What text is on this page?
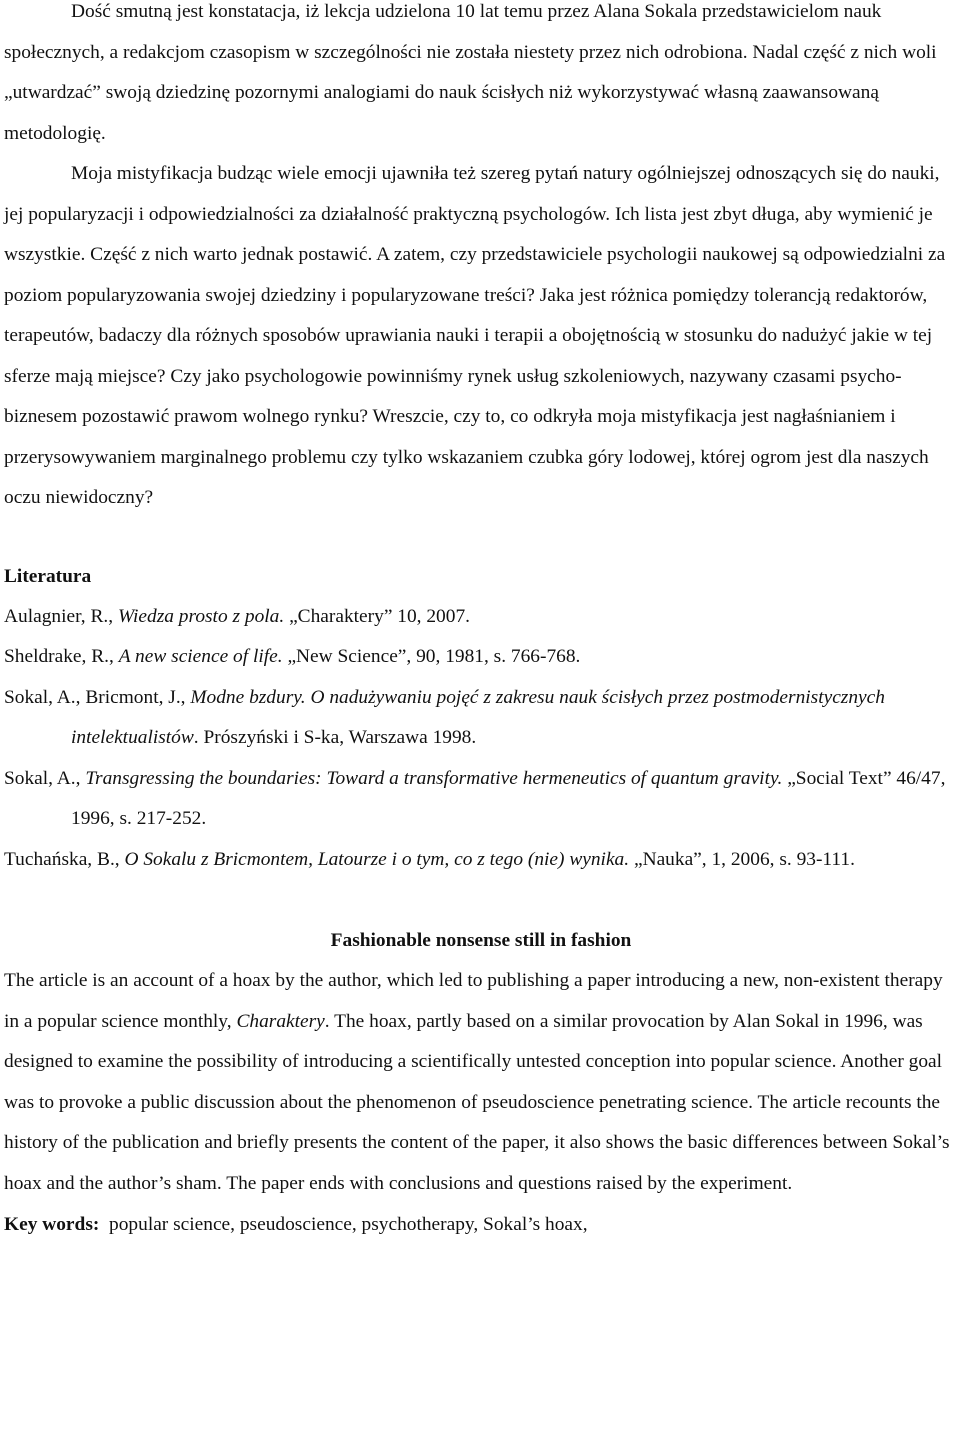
Dość smutną jest konstatacja, iż lekcja udzielona 10 lat temu przez Alana Sokala przedstawicielom nauk społecznych, a redakcjom czasopism w szczególności nie została niestety przez nich odrobiona. Nadal część z nich woli „utwardzać” swoją dziedzinę pozornymi analogiami do nauk ścisłych niż wykorzystywać własną zaawansowaną metodologię.

Moja mistyfikacja budząc wiele emocji ujawniła też szereg pytań natury ogólniejszej odnoszących się do nauki, jej popularyzacji i odpowiedzialności za działalność praktyczną psychologów. Ich lista jest zbyt długa, aby wymienić je wszystkie. Część z nich warto jednak postawić. A zatem, czy przedstawiciele psychologii naukowej są odpowiedzialni za poziom popularyzowania swojej dziedziny i popularyzowane treści? Jaka jest różnica pomiędzy tolerancją redaktorów, terapeutów, badaczy dla różnych sposobów uprawiania nauki i terapii a obojętnością w stosunku do nadużyć jakie w tej sferze mają miejsce? Czy jako psychologowie powinniśmy rynek usług szkoleniowych, nazywany czasami psycho-biznesem pozostawić prawom wolnego rynku? Wreszcie, czy to, co odkryła moja mistyfikacja jest nagłaśnianiem i przerysowywaniem marginalnego problemu czy tylko wskazaniem czubka góry lodowej, której ogrom jest dla naszych oczu niewidoczny?

Literatura

Aulagnier, R., Wiedza prosto z pola. „Charaktery” 10, 2007.

Sheldrake, R., A new science of life. „New Science”, 90, 1981, s. 766-768.

Sokal, A., Bricmont, J., Modne bzdury. O nadużywaniu pojęć z zakresu nauk ścisłych przez postmodernistycznych intelektualistów. Prószyński i S-ka, Warszawa 1998.

Sokal, A., Transgressing the boundaries: Toward a transformative hermeneutics of quantum gravity. „Social Text” 46/47, 1996, s. 217-252.

Tuchańska, B., O Sokalu z Bricmontem, Latourze i o tym, co z tego (nie) wynika. „Nauka”, 1, 2006, s. 93-111.

Fashionable nonsense still in fashion

The article is an account of a hoax by the author, which led to publishing a paper introducing a new, non-existent therapy in a popular science monthly, Charaktery. The hoax, partly based on a similar provocation by Alan Sokal in 1996, was designed to examine the possibility of introducing a scientifically untested conception into popular science. Another goal was to provoke a public discussion about the phenomenon of pseudoscience penetrating science. The article recounts the history of the publication and briefly presents the content of the paper, it also shows the basic differences between Sokal’s hoax and the author’s sham. The paper ends with conclusions and questions raised by the experiment.

Key words: popular science, pseudoscience, psychotherapy, Sokal’s hoax,
